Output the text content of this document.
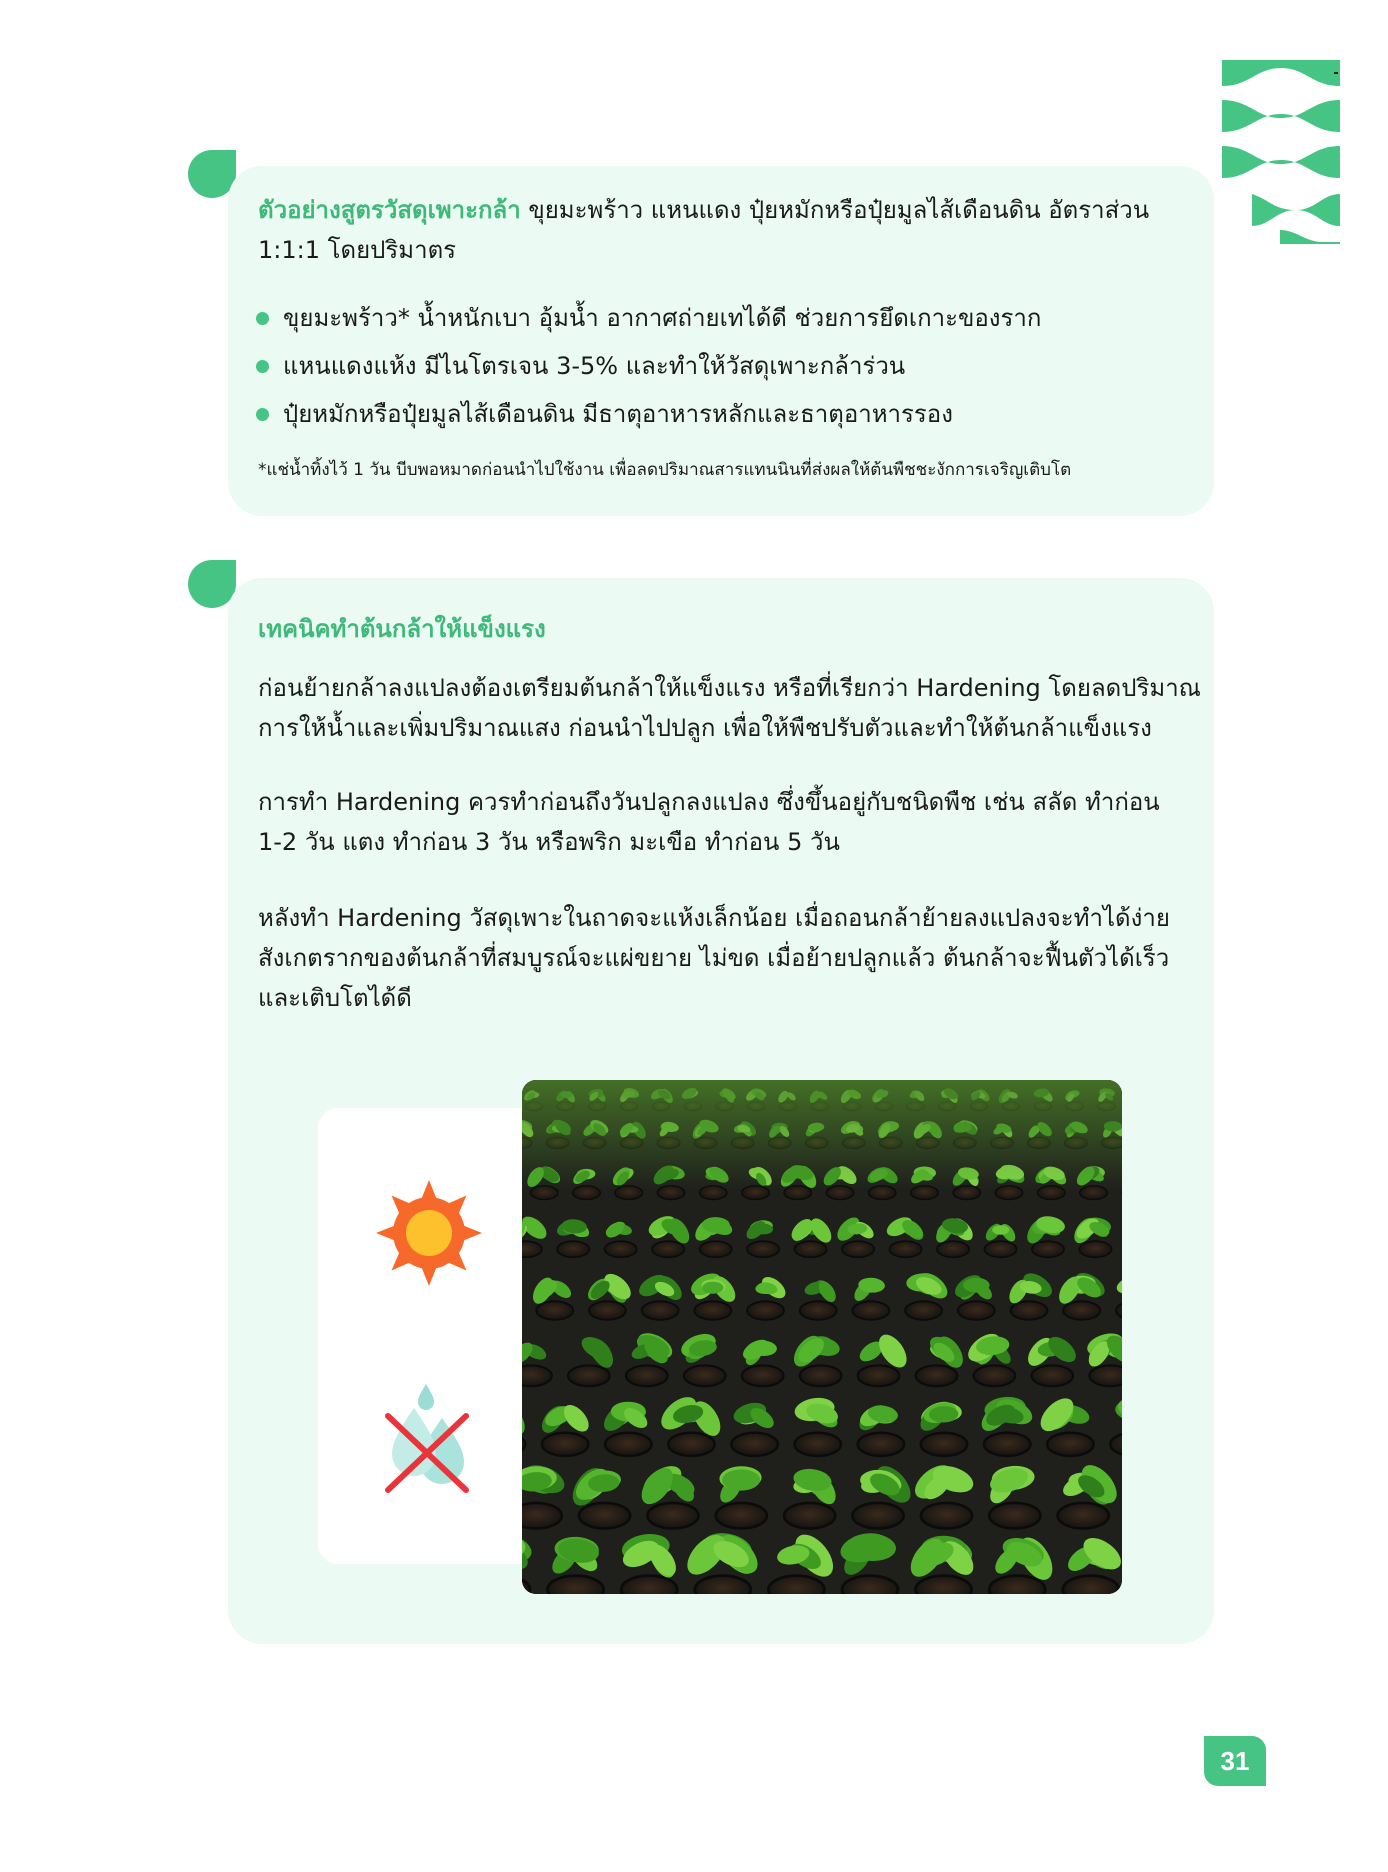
ตัวอย่างสูตรวัสดุเพาะกล้า ขุยมะพร้าว แหนแดง ปุ๋ยหมักหรือปุ๋ยมูลไส้เดือนดิน อัตราส่วน
1:1:1 โดยปริมาตร
ขุยมะพร้าว* น้ำหนักเบา อุ้มน้ำ อากาศถ่ายเทได้ดี ช่วยการยึดเกาะของราก
แหนแดงแห้ง มีไนโตรเจน 3-5% และทำให้วัสดุเพาะกล้าร่วน
ปุ๋ยหมักหรือปุ๋ยมูลไส้เดือนดิน มีธาตุอาหารหลักและธาตุอาหารรอง
*แช่น้ำทิ้งไว้ 1 วัน บีบพอหมาดก่อนนำไปใช้งาน เพื่อลดปริมาณสารแทนนินที่ส่งผลให้ต้นพืชชะงักการเจริญเติบโต
เทคนิคทำต้นกล้าให้แข็งแรง
ก่อนย้ายกล้าลงแปลงต้องเตรียมต้นกล้าให้แข็งแรง หรือที่เรียกว่า Hardening โดยลดปริมาณ
การให้น้ำและเพิ่มปริมาณแสง ก่อนนำไปปลูก เพื่อให้พืชปรับตัวและทำให้ต้นกล้าแข็งแรง
การทำ Hardening ควรทำก่อนถึงวันปลูกลงแปลง ซึ่งขึ้นอยู่กับชนิดพืช เช่น สลัด ทำก่อน
1-2 วัน แตง ทำก่อน 3 วัน หรือพริก มะเขือ ทำก่อน 5 วัน
หลังทำ Hardening วัสดุเพาะในถาดจะแห้งเล็กน้อย เมื่อถอนกล้าย้ายลงแปลงจะทำได้ง่าย
สังเกตรากของต้นกล้าที่สมบูรณ์จะแผ่ขยาย ไม่ขด เมื่อย้ายปลูกแล้ว ต้นกล้าจะฟื้นตัวได้เร็ว
และเติบโตได้ดี
31
